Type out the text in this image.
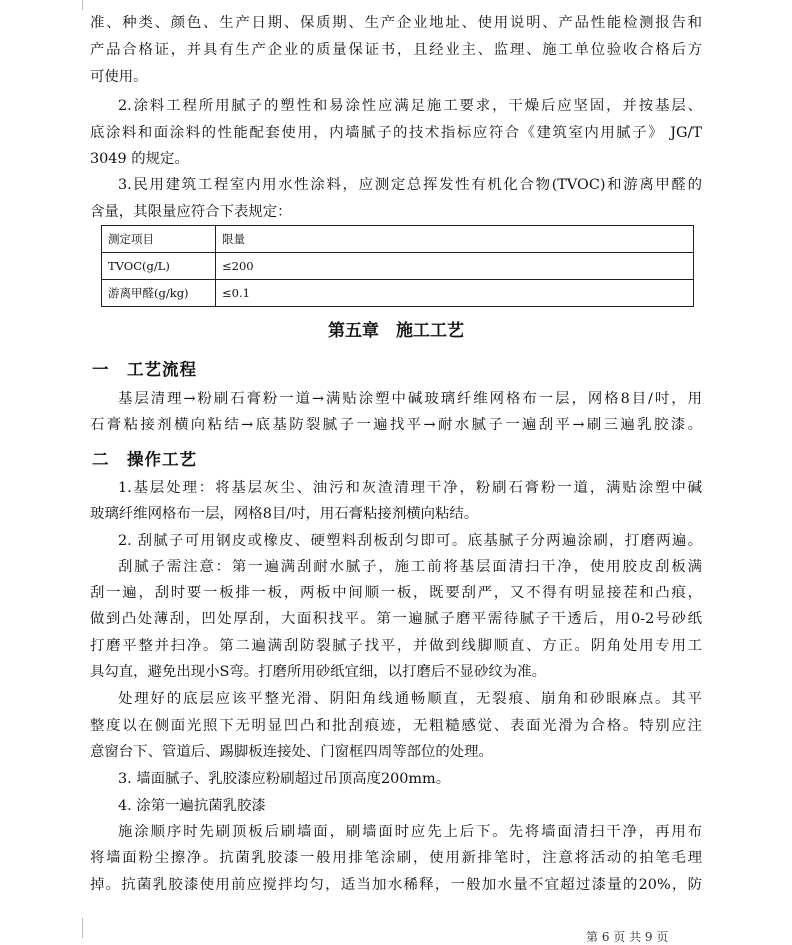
准、种类、颜色、生产日期、保质期、生产企业地址、使用说明、产品性能检测报告和
产品合格证，并具有生产企业的质量保证书，且经业主、监理、施工单位验收合格后方
可使用。
2.涂料工程所用腻子的塑性和易涂性应满足施工要求，干燥后应坚固，并按基层、
底涂料和面涂料的性能配套使用，内墙腻子的技术指标应符合《建筑室内用腻子》 JG/T
3049 的规定。
3.民用建筑工程室内用水性涂料，应测定总挥发性有机化合物(TVOC)和游离甲醛的
含量，其限量应符合下表规定：
测定项目	限量
TVOC(g/L)	≤200
游离甲醛(g/kg)	≤0.1
第五章　施工工艺
一　工艺流程
基层清理→粉刷石膏粉一道→满贴涂塑中碱玻璃纤维网格布一层，网格8目/吋，用
石膏粘接剂横向粘结→底基防裂腻子一遍找平→耐水腻子一遍刮平→刷三遍乳胶漆。
二　操作工艺
1.基层处理：将基层灰尘、油污和灰渣清理干净，粉刷石膏粉一道，满贴涂塑中碱
玻璃纤维网格布一层，网格8目/吋，用石膏粘接剂横向粘结。
2. 刮腻子可用钢皮或橡皮、硬塑料刮板刮匀即可。底基腻子分两遍涂刷，打磨两遍。
刮腻子需注意：第一遍满刮耐水腻子，施工前将基层面清扫干净，使用胶皮刮板满
刮一遍，刮时要一板排一板，两板中间顺一板，既要刮严，又不得有明显接茬和凸痕，
做到凸处薄刮，凹处厚刮，大面积找平。第一遍腻子磨平需待腻子干透后，用0-2号砂纸
打磨平整并扫净。第二遍满刮防裂腻子找平，并做到线脚顺直、方正。阴角处用专用工
具勾直，避免出现小S弯。打磨所用砂纸宜细，以打磨后不显砂纹为准。
处理好的底层应该平整光滑、阴阳角线通畅顺直，无裂痕、崩角和砂眼麻点。其平
整度以在侧面光照下无明显凹凸和批刮痕迹，无粗糙感觉、表面光滑为合格。特别应注
意窗台下、管道后、踢脚板连接处、门窗框四周等部位的处理。
3. 墙面腻子、乳胶漆应粉刷超过吊顶高度200mm。
4. 涂第一遍抗菌乳胶漆
施涂顺序时先刷顶板后刷墙面，刷墙面时应先上后下。先将墙面清扫干净，再用布
将墙面粉尘擦净。抗菌乳胶漆一般用排笔涂刷，使用新排笔时，注意将活动的拍笔毛理
掉。抗菌乳胶漆使用前应搅拌均匀，适当加水稀释，一般加水量不宜超过漆量的20%，防
第 6 页 共 9 页
